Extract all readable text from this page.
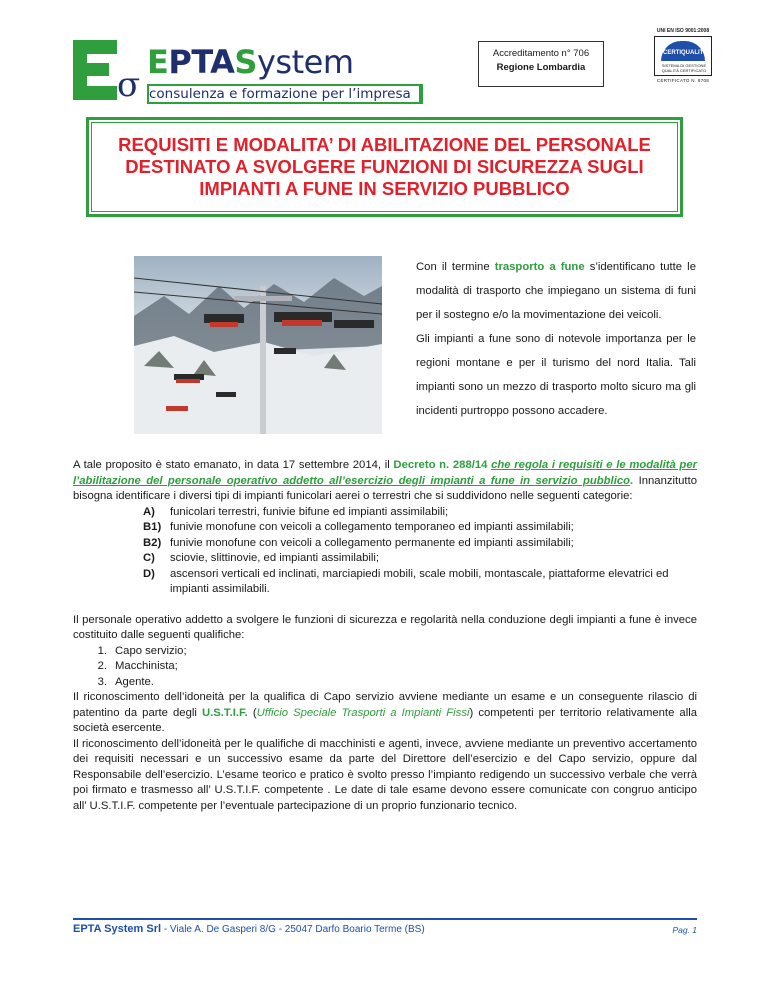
σ
EPTASystem
consulenza e formazione per l’impresa
Accreditamento n° 706
Regione Lombardia
UNI EN ISO 9001:2008
CERTIQUALITY
SISTEMA DI GESTIONE QUALITÀ CERTIFICATO
CERTIFICATO N. 8708
REQUISITI E MODALITA’ DI ABILITAZIONE DEL PERSONALE
DESTINATO A SVOLGERE FUNZIONI DI SICUREZZA SUGLI
IMPIANTI A FUNE IN SERVIZIO PUBBLICO

Con il termine trasporto a fune s’identificano tutte le modalità di trasporto che impiegano un sistema di funi per il sostegno e/o la movimentazione dei veicoli.

Gli impianti a fune sono di notevole importanza per le regioni montane e per il turismo del nord Italia. Tali impianti sono un mezzo di trasporto molto sicuro ma gli incidenti purtroppo possono accadere.

A tale proposito è stato emanato, in data 17 settembre 2014, il Decreto n. 288/14 che regola i requisiti e le modalità per l’abilitazione del personale operativo addetto all’esercizio degli impianti a fune in servizio pubblico. Innanzitutto bisogna identificare i diversi tipi di impianti funicolari aerei o terrestri che si suddividono nelle seguenti categorie:

A)	funicolari terrestri, funivie bifune ed impianti assimilabili;
B1) funivie monofune con veicoli a collegamento temporaneo ed impianti assimilabili;
B2) funivie monofune con veicoli a collegamento permanente ed impianti assimilabili;
C)	sciovie, slittinovie, ed impianti assimilabili;
D)	ascensori verticali ed inclinati, marciapiedi mobili, scale mobili, montascale, piattaforme elevatrici ed impianti assimilabili.

Il personale operativo addetto a svolgere le funzioni di sicurezza e regolarità nella conduzione degli impianti a fune è invece costituito dalle seguenti qualifiche:

1. Capo servizio;
2. Macchinista;
3. Agente.

Il riconoscimento dell’idoneità per la qualifica di Capo servizio avviene mediante un esame e un conseguente rilascio di patentino da parte degli U.S.T.I.F. (Ufficio Speciale Trasporti a Impianti Fissi) competenti per territorio relativamente alla società esercente.

Il riconoscimento dell’idoneità per le qualifiche di macchinisti e agenti, invece, avviene mediante un preventivo accertamento dei requisiti necessari e un successivo esame da parte del Direttore dell’esercizio e del Capo servizio, oppure dal Responsabile dell’esercizio. L’esame teorico e pratico è svolto presso l’impianto redigendo un successivo verbale che verrà poi firmato e trasmesso all’ U.S.T.I.F. competente . Le date di tale esame devono essere comunicate con congruo anticipo all’ U.S.T.I.F. competente per l’eventuale partecipazione di un proprio funzionario tecnico.

EPTA System Srl - Viale A. De Gasperi 8/G - 25047 Darfo Boario Terme (BS)	Pag. 1
